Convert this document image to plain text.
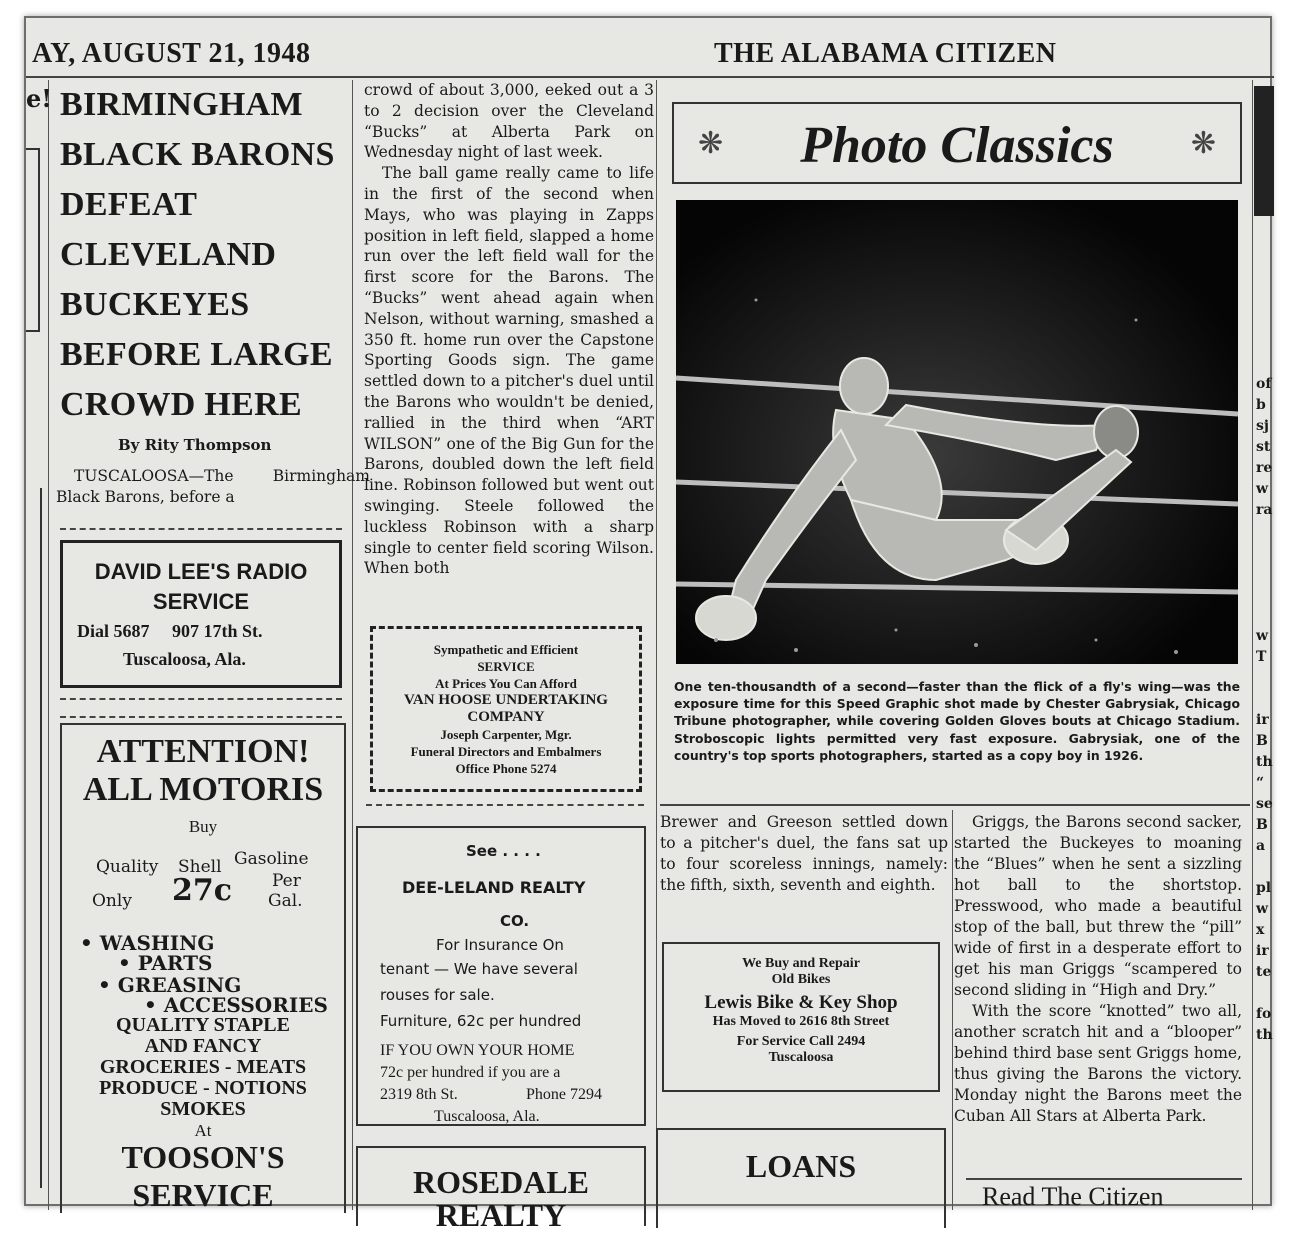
AY, AUGUST 21, 1948	THE ALABAMA CITIZEN
e! BIRMINGHAM
BLACK BARONS
DEFEAT
CLEVELAND
BUCKEYES
BEFORE LARGE
CROWD HERE
By Rity Thompson
TUSCALOOSA—The Birmingham Black Barons, before a
DAVID LEE'S RADIO
SERVICE
Dial 5687     907 17th St.
Tuscaloosa, Ala.
ATTENTION!
ALL MOTORIS
Buy
Quality Shell Gasoline
Only 27c Per
Gal.
• WASHING
• PARTS
• GREASING
• ACCESSORIES
QUALITY STAPLE
AND FANCY
GROCERIES - MEATS
PRODUCE - NOTIONS
SMOKES
At
TOOSON'S
SERVICE

crowd of about 3,000, eeked out a 3 to 2 decision over the Cleveland “Bucks” at Alberta Park on Wednesday night of last week.

The ball game really came to life in the first of the second when Mays, who was playing in Zapps position in left field, slapped a home run over the left field wall for the first score for the Barons. The “Bucks” went ahead again when Nelson, without warning, smashed a 350 ft. home run over the Capstone Sporting Goods sign. The game settled down to a pitcher's duel until the Barons who wouldn't be denied, rallied in the third when “ART WILSON” one of the Big Gun for the Barons, doubled down the left field line. Robinson followed but went out swinging. Steele followed the luckless Robinson with a sharp single to center field scoring Wilson. When both

Sympathetic and Efficient
SERVICE
At Prices You Can Afford
VAN HOOSE UNDERTAKING
COMPANY
Joseph Carpenter, Mgr.
Funeral Directors and Embalmers
Office Phone 5274
See . . . .
DEE-LELAND REALTY
CO.
For Insurance On
tenant — We have several
rouses for sale.
Furniture, 62c per hundred
IF YOU OWN YOUR HOME
72c per hundred if you are a
2319 8th St.	Phone 7294
Tuscaloosa, Ala.
ROSEDALE
REALTY
❋	Photo Classics	❋
One ten-thousandth of a second—faster than the flick of a fly's wing—was the exposure time for this Speed Graphic shot made by Chester Gabrysiak, Chicago Tribune photographer, while covering Golden Gloves bouts at Chicago Stadium. Stroboscopic lights permitted very fast exposure. Gabrysiak, one of the country's top sports photographers, started as a copy boy in 1926.
Brewer and Greeson settled down to a pitcher's duel, the fans sat up to four scoreless innings, namely: the fifth, sixth, seventh and eighth.
We Buy and Repair
Old Bikes
Lewis Bike & Key Shop
Has Moved to 2616 8th Street
For Service Call 2494
Tuscaloosa
LOANS

Griggs, the Barons second sacker, started the Buckeyes to moaning the “Blues” when he sent a sizzling hot ball to the shortstop. Presswood, who made a beautiful stop of the ball, but threw the “pill” wide of first in a desperate effort to get his man Griggs “scampered to second sliding in “High and Dry.”

With the score “knotted” two all, another scratch hit and a “blooper” behind third base sent Griggs home, thus giving the Barons the victory. Monday night the Barons meet the Cuban All Stars at Alberta Park.

Read The Citizen
of
b
sj
st
re
w
ra

w
T

ir
B
th
“
se
B
a

pl
w
x
ir
te

fo
th
